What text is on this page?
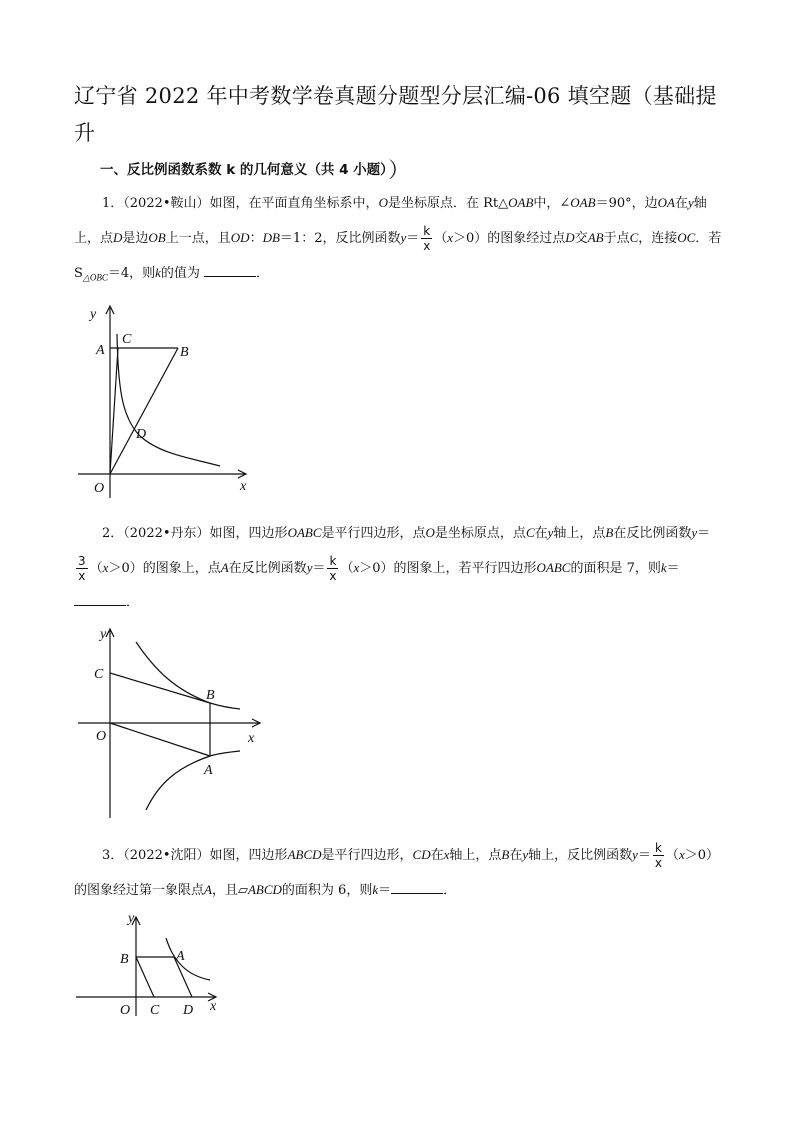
辽宁省 2022 年中考数学卷真题分题型分层汇编-06 填空题（基础提升
）
一、反比例函数系数 k 的几何意义（共 4 小题）
1．（2022•鞍山）如图，在平面直角坐标系中，O是坐标原点．在 Rt△OAB中，∠OAB＝90°，边OA在y轴上，点D是边OB上一点，且OD：DB＝1：2，反比例函数$y= \frac{k}{x} (x>0)$的图象经过点D交AB于点C，连接OC．若 $S_{\triangle OBC}=4$，则k的值为	．
y
x
O
A
C
B
D
2．（2022•丹东）如图，四边形OABC是平行四边形，点O是坐标原点，点C在y轴上，点B在反比例函数y＝
$\frac{3}{x} (x>0)$的图象上，点A在反比例函数$y= \frac{k}{x} (x>0)$的图象上，若平行四边形OABC的面积是 7，则k＝．
y
x
O
C
B
A
3．（2022•沈阳）如图，四边形ABCD是平行四边形，CD在x轴上，点B在y轴上，反比例函数$y= \frac{k}{x} (x>0)$的图象经过第一象限点A，且▱ABCD的面积为 6，则k＝	．
y
x
O
B	A
C D
